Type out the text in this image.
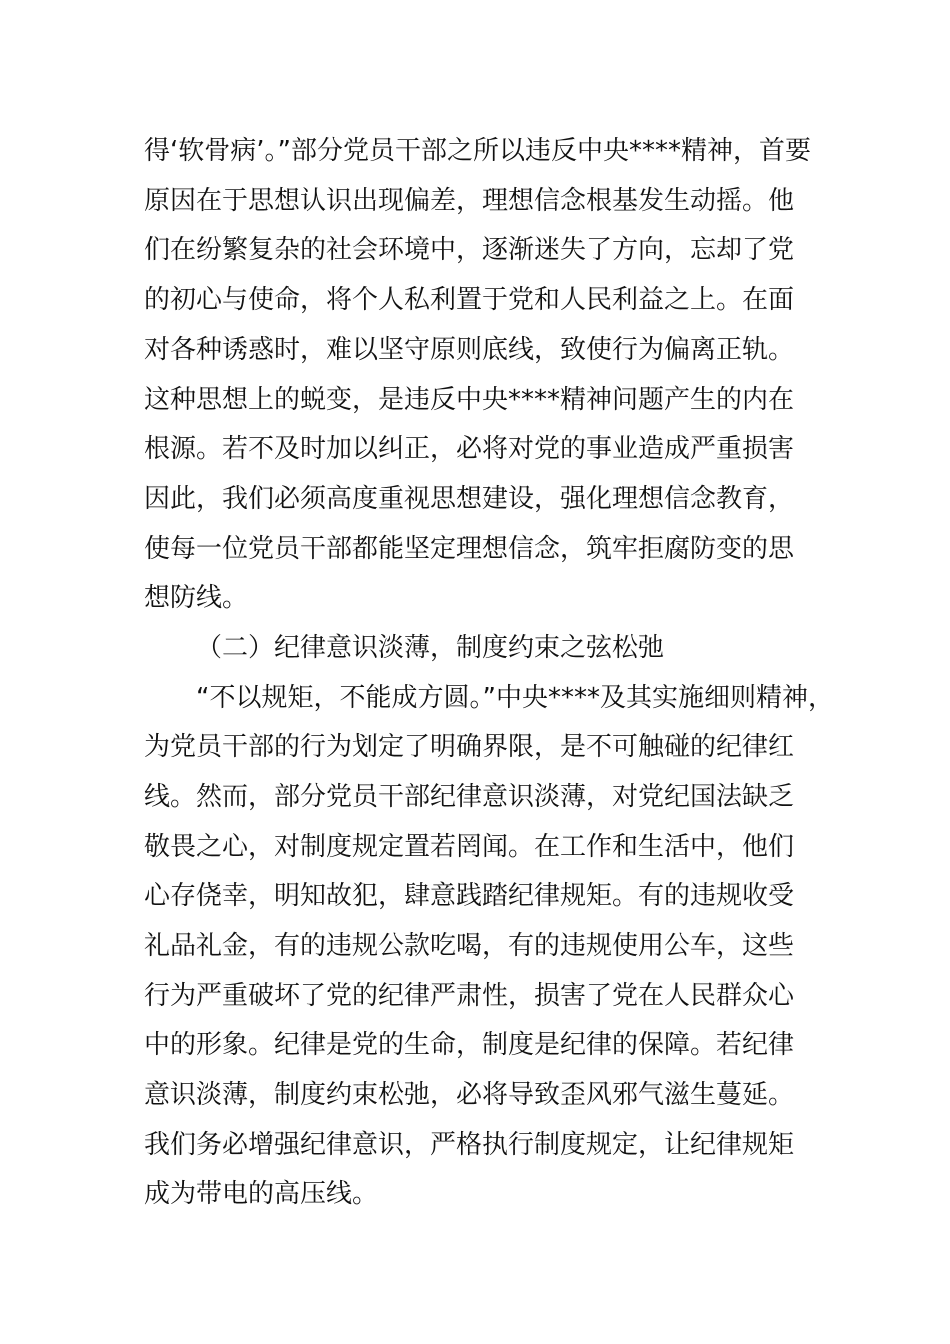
得‘软骨病’。”部分党员干部之所以违反中央****精神，首要
原因在于思想认识出现偏差，理想信念根基发生动摇。他
们在纷繁复杂的社会环境中，逐渐迷失了方向，忘却了党
的初心与使命，将个人私利置于党和人民利益之上。在面
对各种诱惑时，难以坚守原则底线，致使行为偏离正轨。
这种思想上的蜕变，是违反中央****精神问题产生的内在
根源。若不及时加以纠正，必将对党的事业造成严重损害
因此，我们必须高度重视思想建设，强化理想信念教育，
使每一位党员干部都能坚定理想信念，筑牢拒腐防变的思
想防线。
（二）纪律意识淡薄，制度约束之弦松弛
“不以规矩，不能成方圆。”中央****及其实施细则精神，
为党员干部的行为划定了明确界限，是不可触碰的纪律红
线。然而，部分党员干部纪律意识淡薄，对党纪国法缺乏
敬畏之心，对制度规定置若罔闻。在工作和生活中，他们
心存侥幸，明知故犯，肆意践踏纪律规矩。有的违规收受
礼品礼金，有的违规公款吃喝，有的违规使用公车，这些
行为严重破坏了党的纪律严肃性，损害了党在人民群众心
中的形象。纪律是党的生命，制度是纪律的保障。若纪律
意识淡薄，制度约束松弛，必将导致歪风邪气滋生蔓延。
我们务必增强纪律意识，严格执行制度规定，让纪律规矩
成为带电的高压线。
